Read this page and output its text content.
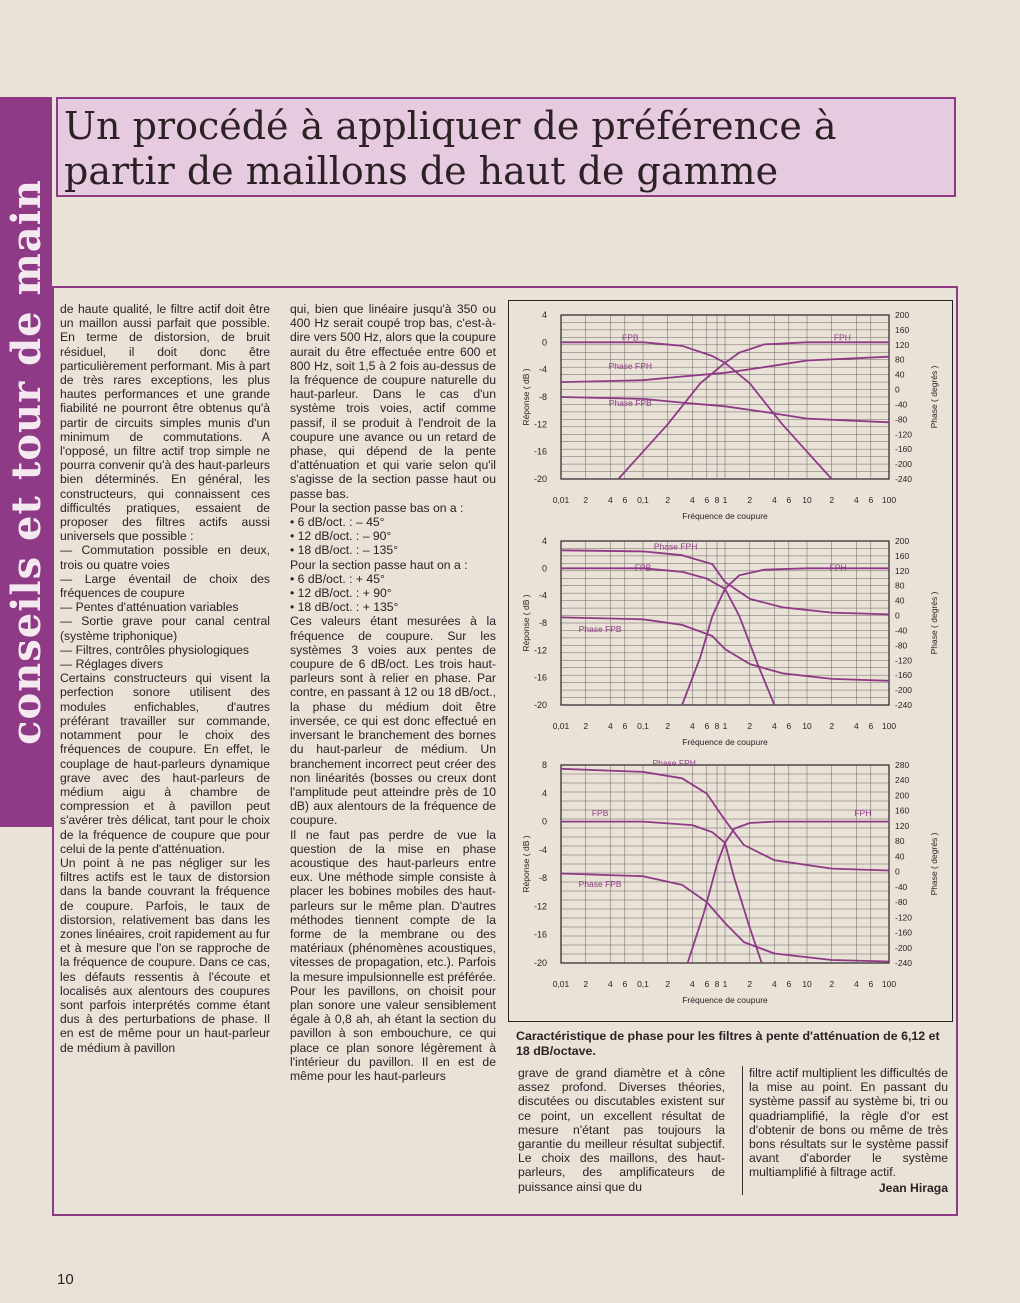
conseils et tour de main
Un procédé à appliquer de préférence à partir de maillons de haut de gamme

de haute qualité, le filtre actif doit être un maillon aussi parfait que possible. En terme de distorsion, de bruit résiduel, il doit donc être particulièrement performant. Mis à part de très rares exceptions, les plus hautes performances et une grande fiabilité ne pourront être obtenus qu'à partir de circuits simples munis d'un minimum de commutations. A l'opposé, un filtre actif trop simple ne pourra convenir qu'à des haut-parleurs bien déterminés. En général, les constructeurs, qui connaissent ces difficultés pratiques, essaient de proposer des filtres actifs aussi universels que possible :

— Commutation possible en deux, trois ou quatre voies

— Large éventail de choix des fréquences de coupure

— Pentes d'atténuation variables

— Sortie grave pour canal central (système triphonique)

— Filtres, contrôles physiologiques

— Réglages divers

Certains constructeurs qui visent la perfection sonore utilisent des modules enfichables, d'autres préférant travailler sur commande, notamment pour le choix des fréquences de coupure. En effet, le couplage de haut-parleurs dynamique grave avec des haut-parleurs de médium aigu à chambre de compression et à pavillon peut s'avérer très délicat, tant pour le choix de la fréquence de coupure que pour celui de la pente d'atténuation.

Un point à ne pas négliger sur les filtres actifs est le taux de distorsion dans la bande couvrant la fréquence de coupure. Parfois, le taux de distorsion, relativement bas dans les zones linéaires, croit rapidement au fur et à mesure que l'on se rapproche de la fréquence de coupure. Dans ce cas, les défauts ressentis à l'écoute et localisés aux alentours des coupures sont parfois interprétés comme étant dus à des perturbations de phase. Il en est de même pour un haut-parleur de médium à pavillon

qui, bien que linéaire jusqu'à 350 ou 400 Hz serait coupé trop bas, c'est-à-dire vers 500 Hz, alors que la coupure aurait du être effectuée entre 600 et 800 Hz, soit 1,5 à 2 fois au-dessus de la fréquence de coupure naturelle du haut-parleur. Dans le cas d'un système trois voies, actif comme passif, il se produit à l'endroit de la coupure une avance ou un retard de phase, qui dépend de la pente d'atténuation et qui varie selon qu'il s'agisse de la section passe haut ou passe bas.

Pour la section passe bas on a :

• 6 dB/oct. : – 45°

• 12 dB/oct. : – 90°

• 18 dB/oct. : – 135°

Pour la section passe haut on a :

• 6 dB/oct. : + 45°

• 12 dB/oct. : + 90°

• 18 dB/oct. : + 135°

Ces valeurs étant mesurées à la fréquence de coupure. Sur les systèmes 3 voies aux pentes de coupure de 6 dB/oct. Les trois haut-parleurs sont à relier en phase. Par contre, en passant à 12 ou 18 dB/oct., la phase du médium doit être inversée, ce qui est donc effectué en inversant le branchement des bornes du haut-parleur de médium. Un branchement incorrect peut créer des non linéarités (bosses ou creux dont l'amplitude peut atteindre près de 10 dB) aux alentours de la fréquence de coupure.

Il ne faut pas perdre de vue la question de la mise en phase acoustique des haut-parleurs entre eux. Une méthode simple consiste à placer les bobines mobiles des haut-parleurs sur le même plan. D'autres méthodes tiennent compte de la forme de la membrane ou des matériaux (phénomènes acoustiques, vitesses de propagation, etc.). Parfois la mesure impulsionnelle est préférée. Pour les pavillons, on choisit pour plan sonore une valeur sensiblement égale à 0,8 ah, ah étant la section du pavillon à son embouchure, ce qui place ce plan sonore légèrement à l'intérieur du pavillon. Il en est de même pour les haut-parleurs

0,01 2 4 6 0,1 2 4 6 8 1 2 4 6 10 2 4 6 100
4
0
-4
-8
-12
-16
-20
200
160
120
80
40
0
-40
-80
-120
-160
-200
-240
Fréquence de coupure
Réponse ( dB )	Phase ( degrés )
FPB	FPH
Phase FPH
Phase FPB
0,01 2 4 6 0,1 2 4 6 8 1 2 4 6 10 2 4 6 100
4
0
-4
-8
-12
-16
-20
200
160
120
80
40
0
-40
-80
-120
-160
-200
-240
Fréquence de coupure
Réponse ( dB )	Phase ( degrés )
Phase FPH
FPB	FPH
Phase FPB
0,01 2 4 6 0,1 2 4 6 8 1 2 4 6 10 2 4 6 100
8
4
0
-4
-8
-12
-16
-20
280
240
200
160
120
80
40
0
-40
-80
-120
-160
-200
-240
Fréquence de coupure
Réponse ( dB )	Phase ( degrés )
Phase FPH
FPB	FPH
Phase FPB
Caractéristique de phase pour les filtres à pente d'atténuation de 6,12 et 18 dB/octave.

grave de grand diamètre et à cône assez profond. Diverses théories, discutées ou discutables existent sur ce point, un excellent résultat de mesure n'étant pas toujours la garantie du meilleur résultat subjectif. Le choix des maillons, des haut-parleurs, des amplificateurs de puissance ainsi que du

filtre actif multiplient les difficultés de la mise au point. En passant du système passif au système bi, tri ou quadriamplifié, la règle d'or est d'obtenir de bons ou même de très bons résultats sur le système passif avant d'aborder le système multiamplifié à filtrage actif.

Jean Hiraga

10
